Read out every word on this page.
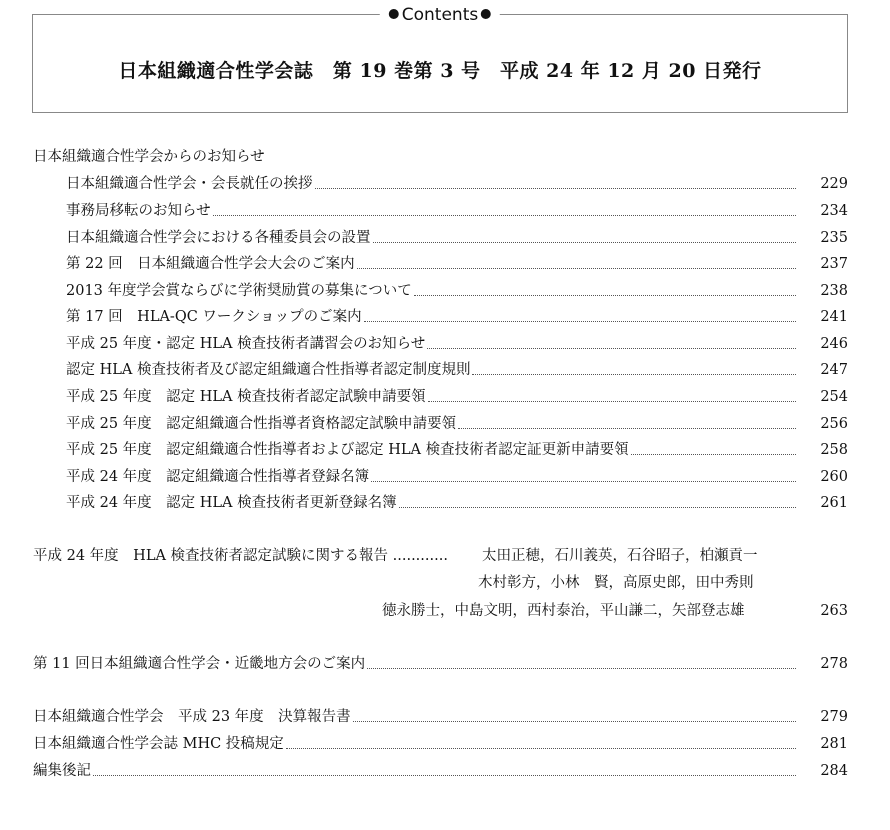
Contents
日本組織適合性学会誌　第 19 巻第 3 号　平成 24 年 12 月 20 日発行
日本組織適合性学会からのお知らせ
日本組織適合性学会・会長就任の挨拶	229
事務局移転のお知らせ	234
日本組織適合性学会における各種委員会の設置	235
第 22 回　日本組織適合性学会大会のご案内	237
2013 年度学会賞ならびに学術奨励賞の募集について	238
第 17 回　HLA-QC ワークショップのご案内	241
平成 25 年度・認定 HLA 検査技術者講習会のお知らせ	246
認定 HLA 検査技術者及び認定組織適合性指導者認定制度規則	247
平成 25 年度　認定 HLA 検査技術者認定試験申請要領	254
平成 25 年度　認定組織適合性指導者資格認定試験申請要領	256
平成 25 年度　認定組織適合性指導者および認定 HLA 検査技術者認定証更新申請要領	258
平成 24 年度　認定組織適合性指導者登録名簿	260
平成 24 年度　認定 HLA 検査技術者更新登録名簿	261
平成 24 年度　HLA 検査技術者認定試験に関する報告 ............ 太田正穂，石川義英，石谷昭子，柏瀬貢一
木村彰方，小林　賢，高原史郎，田中秀則
徳永勝士，中島文明，西村泰治，平山謙二，矢部登志雄	263
第 11 回日本組織適合性学会・近畿地方会のご案内	278
日本組織適合性学会　平成 23 年度　決算報告書	279
日本組織適合性学会誌 MHC 投稿規定	281
編集後記	284
